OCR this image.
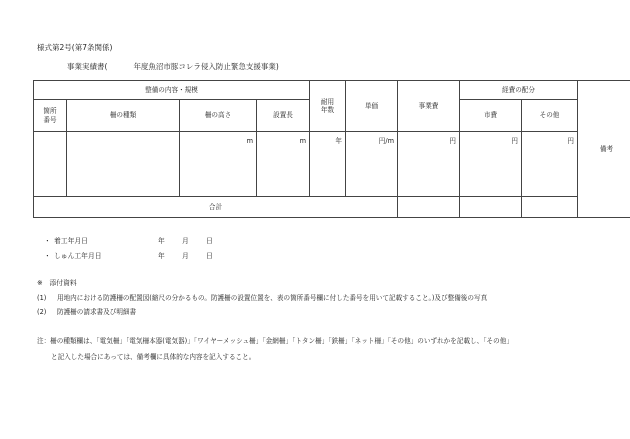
様式第2号(第7条関係)
事業実績書(	年度魚沼市豚コレラ侵入防止緊急支援事業)
整備の内容・規模				耐用
年数	単価	事業費	経費の配分		備考
箇所
番号	柵の種類	柵の高さ	設置長				市費	その他	
		m	m	年	円/m	円	円	円	
合計									
・ 着工年月日	年	月	日
・ しゅん工年月日	年	月	日
※　添付資料
(1) 用地内における防護柵の配置図(縮尺の分かるもの。防護柵の設置位置を、表の箇所番号欄に付した番号を用いて記載すること。)及び整備後の写真
(2) 防護柵の請求書及び明細書
注：柵の種類欄は、「電気柵」「電気柵本器(電気器)」「ワイヤーメッシュ柵」「金網柵」「トタン柵」「鉄柵」「ネット柵」「その他」のいずれかを記載し、「その他」
と記入した場合にあっては、備考欄に具体的な内容を記入すること。
